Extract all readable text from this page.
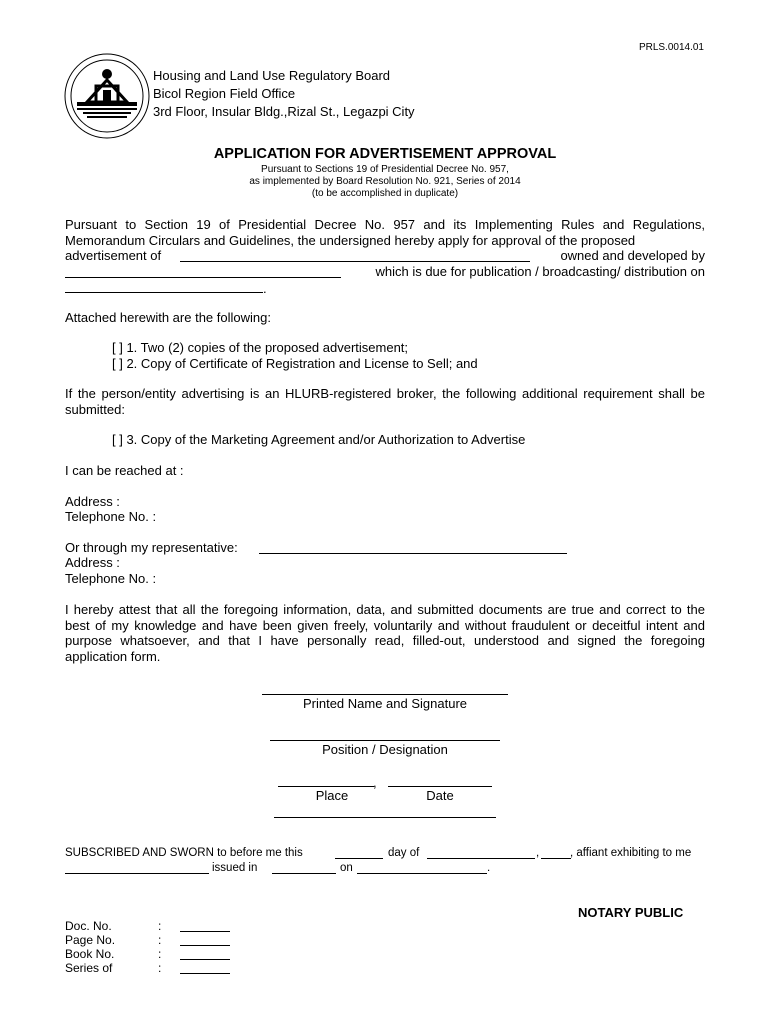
PRLS.0014.01
Housing and Land Use Regulatory Board
Bicol Region Field Office
3rd Floor, Insular Bldg.,Rizal St., Legazpi City
APPLICATION FOR ADVERTISEMENT APPROVAL
Pursuant to Sections 19 of Presidential Decree No. 957,
as implemented by Board Resolution No. 921, Series of 2014
(to be accomplished in duplicate)
Pursuant to Section 19 of Presidential Decree No. 957 and its Implementing Rules and Regulations, Memorandum Circulars and Guidelines, the undersigned hereby apply for approval of the proposed
advertisement of	owned and developed by
which is due for publication / broadcasting/ distribution on
.
Attached herewith are the following:
[ ] 1. Two (2) copies of the proposed advertisement;
[ ] 2. Copy of Certificate of Registration and License to Sell; and
If the person/entity advertising is an HLURB-registered broker, the following additional requirement shall be submitted:
[ ] 3. Copy of the Marketing Agreement and/or Authorization to Advertise
I can be reached at :
Address :
Telephone No. :
Or through my representative:
Address :
Telephone No. :
I hereby attest that all the foregoing information, data, and submitted documents are true and correct to the best of my knowledge and have been given freely, voluntarily and without fraudulent or deceitful intent and purpose whatsoever, and that I have personally read, filled-out, understood and signed the foregoing application form.
Printed Name and Signature
Position / Designation
,
Place	Date
SUBSCRIBED AND SWORN to before me this	day of	,	, affiant exhibiting to me
issued in	on	.
NOTARY PUBLIC
Doc. No.	:
Page No.	:
Book No.	:
Series of	:
